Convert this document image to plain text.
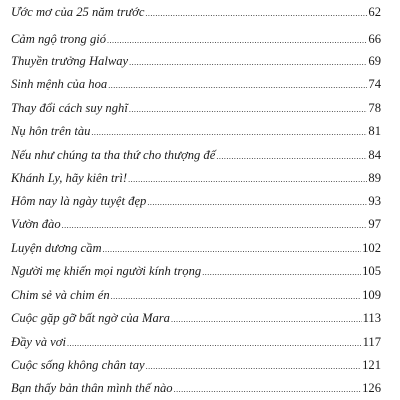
Ước mơ của 25 năm trước .....	62
Cảm ngộ trong gió .....	66
Thuyền trưởng Halway .....	69
Sinh mệnh của hoa .....	74
Thay đổi cách suy nghĩ .....	78
Nụ hôn trên tàu .....	81
Nếu như chúng ta tha thứ cho thượng đế .....	84
Khánh Ly, hãy kiên trì! .....	89
Hôm nay là ngày tuyệt đẹp .....	93
Vườn đào .....	97
Luyện dương cầm .....	102
Người mẹ khiến mọi người kính trọng .....	105
Chim sẻ và chim én .....	109
Cuộc gặp gỡ bất ngờ của Mara .....	113
Đầy và vơi .....	117
Cuộc sống không chân tay .....	121
Bạn thấy bản thân mình thế nào .....	126
